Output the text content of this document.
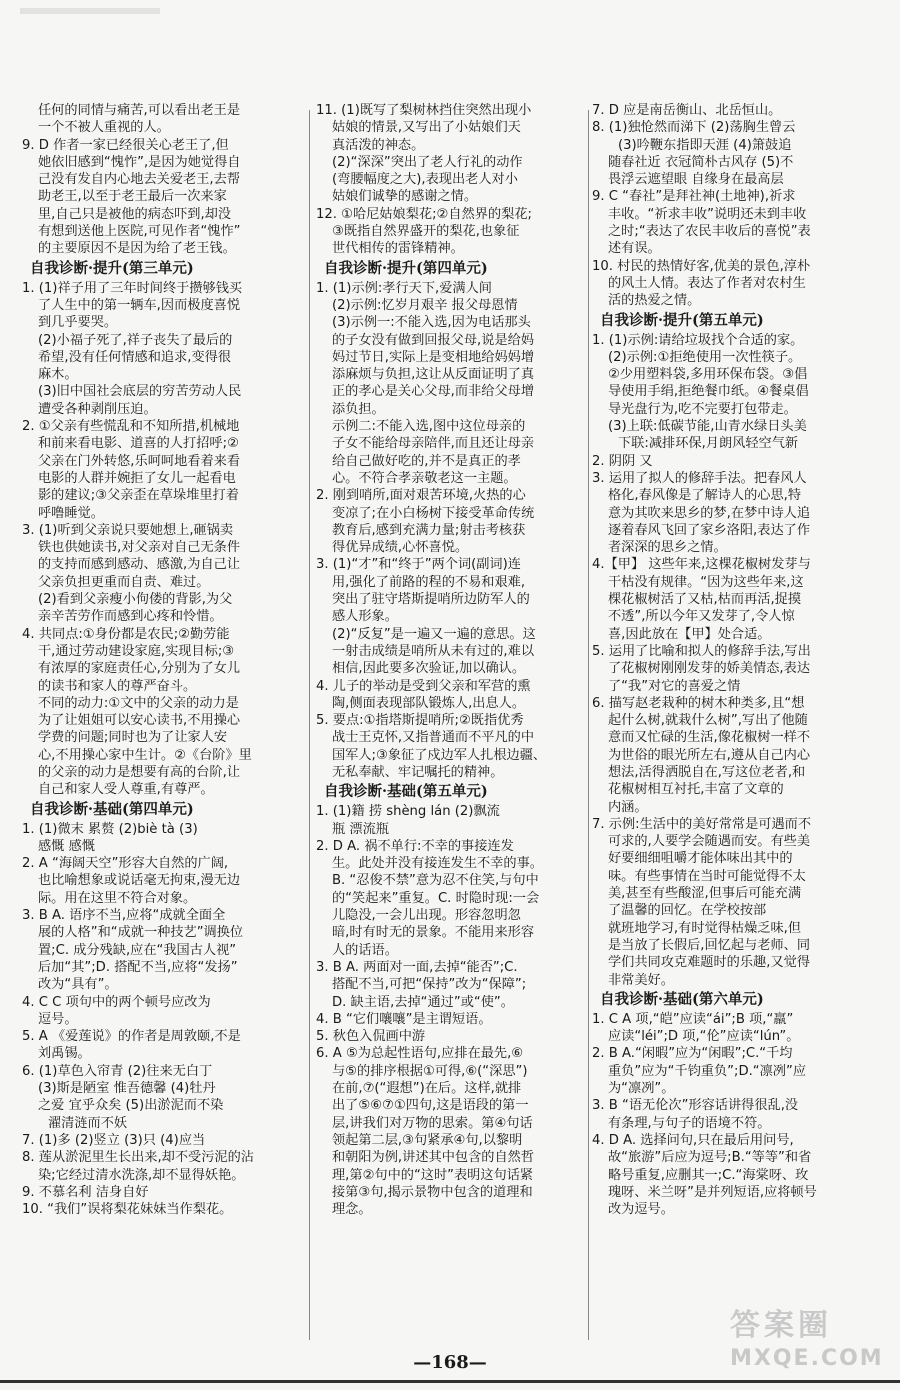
任何的同情与痛苦,可以看出老王是
一个不被人重视的人。
9. D 作者一家已经很关心老王了,但
她依旧感到“愧怍”,是因为她觉得自
己没有发自内心地去关爱老王,去帮
助老王,以至于老王最后一次来家
里,自己只是被他的病态吓到,却没
有想到送他上医院,可见作者“愧怍”
的主要原因不是因为给了老王钱。
自我诊断·提升(第三单元)
1. (1)祥子用了三年时间终于攒够钱买
了人生中的第一辆车,因而极度喜悦
到几乎要哭。
(2)小福子死了,祥子丧失了最后的
希望,没有任何情感和追求,变得很
麻木。
(3)旧中国社会底层的穷苦劳动人民
遭受各种剥削压迫。
2. ①父亲有些慌乱和不知所措,机械地
和前来看电影、道喜的人打招呼;②
父亲在门外转悠,乐呵呵地看着来看
电影的人群并婉拒了女儿一起看电
影的建议;③父亲歪在草垛堆里打着
呼噜睡觉。
3. (1)听到父亲说只要她想上,砸锅卖
铁也供她读书,对父亲对自己无条件
的支持而感到感动、感激,为自己让
父亲负担更重而自责、难过。
(2)看到父亲瘦小佝偻的背影,为父
亲辛苦劳作而感到心疼和怜惜。
4. 共同点:①身份都是农民;②勤劳能
干,通过劳动建设家庭,实现目标;③
有浓厚的家庭责任心,分别为了女儿
的读书和家人的尊严奋斗。
不同的动力:①文中的父亲的动力是
为了让姐姐可以安心读书,不用操心
学费的问题;同时也为了让家人安
心,不用操心家中生计。②《台阶》里
的父亲的动力是想要有高的台阶,让
自己和家人受人尊重,有尊严。
自我诊断·基础(第四单元)
1. (1)微末 累赘 (2)biè tà (3)
感慨 感慨
2. A “海阔天空”形容大自然的广阔,
也比喻想象或说话毫无拘束,漫无边
际。用在这里不符合对象。
3. B A. 语序不当,应将“成就全面全
展的人格”和“成就一种技艺”调换位
置;C. 成分残缺,应在“我国古人视”
后加“其”;D. 搭配不当,应将“发扬”
改为“具有”。
4. C C 项句中的两个顿号应改为
逗号。
5. A 《爱莲说》的作者是周敦颐,不是
刘禹锡。
6. (1)草色入帘青 (2)往来无白丁
(3)斯是陋室 惟吾德馨 (4)牡丹
之爱 宜乎众矣 (5)出淤泥而不染
濯清涟而不妖
7. (1)多 (2)竖立 (3)只 (4)应当
8. 莲从淤泥里生长出来,却不受污泥的沾
染;它经过清水洗涤,却不显得妖艳。
9. 不慕名利 洁身自好
10. “我们”误将梨花妹妹当作梨花。
11. (1)既写了梨树林挡住突然出现小
姑娘的情景,又写出了小姑娘们天
真活泼的神态。
(2)“深深”突出了老人行礼的动作
(弯腰幅度之大),表现出老人对小
姑娘们诚挚的感谢之情。
12. ①哈尼姑娘梨花;②自然界的梨花;
③既指自然界盛开的梨花,也象征
世代相传的雷锋精神。
自我诊断·提升(第四单元)
1. (1)示例:孝行天下,爱满人间
(2)示例:忆岁月艰辛 报父母恩情
(3)示例一:不能入选,因为电话那头
的子女没有做到回报父母,说是给妈
妈过节日,实际上是变相地给妈妈增
添麻烦与负担,这让从反面证明了真
正的孝心是关心父母,而非给父母增
添负担。
示例二:不能入选,图中这位母亲的
子女不能给母亲陪伴,而且还让母亲
给自己做好吃的,并不是真正的孝
心。不符合孝亲敬老这一主题。
2. 刚到哨所,面对艰苦环境,火热的心
变凉了;在小白杨树下接受革命传统
教育后,感到充满力量;射击考核获
得优异成绩,心怀喜悦。
3. (1)“才”和“终于”两个词(副词)连
用,强化了前路的程的不易和艰难,
突出了驻守塔斯提哨所边防军人的
感人形象。
(2)“反复”是一遍又一遍的意思。这
一射击成绩是哨所从未有过的,难以
相信,因此要多次验证,加以确认。
4. 儿子的举动是受到父亲和军营的熏
陶,侧面表现部队锻炼人,出息人。
5. 要点:①指塔斯提哨所;②既指优秀
战士王克怀,又指普通而不平凡的中
国军人;③象征了戍边军人扎根边疆、
无私奉献、牢记嘱托的精神。
自我诊断·基础(第五单元)
1. (1)籍 捞 shèng lán (2)飘流
瓶 漂流瓶
2. D A. 祸不单行:不幸的事接连发
生。此处并没有接连发生不幸的事。
B. “忍俊不禁”意为忍不住笑,与句中
的“笑起来”重复。C. 时隐时现:一会
儿隐没,一会儿出现。形容忽明忽
暗,时有时无的景象。不能用来形容
人的话语。
3. B A. 两面对一面,去掉“能否”;C.
搭配不当,可把“保持”改为“保障”;
D. 缺主语,去掉“通过”或“使”。
4. B “它们嚷嚷”是主谓短语。
5. 秋色入侃画中游
6. A ⑤为总起性语句,应排在最先,⑥
与⑤的排序根据①可得,⑥(“深思”)
在前,⑦(“遐想”)在后。这样,就排
出了⑤⑥⑦①四句,这是语段的第一
层,讲我们对万物的思索。第④句话
领起第二层,③句紧承④句,以黎明
和朝阳为例,讲述其中包含的自然哲
理,第②句中的“这时”表明这句话紧
接第③句,揭示景物中包含的道理和
理念。
7. D 应是南岳衡山、北岳恒山。
8. (1)独怆然而涕下 (2)荡胸生曾云
(3)吟鞭东指即天涯 (4)箫鼓追
随春社近 衣冠简朴古风存 (5)不
畏浮云遮望眼 自缘身在最高层
9. C “春社”是拜社神(土地神),祈求
丰收。“祈求丰收”说明还未到丰收
之时;“表达了农民丰收后的喜悦”表
述有误。
10. 村民的热情好客,优美的景色,淳朴
的风土人情。表达了作者对农村生
活的热爱之情。
自我诊断·提升(第五单元)
1. (1)示例:请给垃圾找个合适的家。
(2)示例:①拒绝使用一次性筷子。
②少用塑料袋,多用环保布袋。③倡
导使用手绢,拒绝餐巾纸。④餐桌倡
导光盘行为,吃不完要打包带走。
(3)上联:低碳节能,山青水绿日头美
下联:减排环保,月朗风轻空气新
2. 阴阴 又
3. 运用了拟人的修辞手法。把春风人
格化,春风像是了解诗人的心思,特
意为其吹来思乡的梦,在梦中诗人追
逐着春风飞回了家乡洛阳,表达了作
者深深的思乡之情。
4.【甲】 这些年来,这棵花椒树发芽与
干枯没有规律。“因为这些年来,这
棵花椒树活了又枯,枯而再活,捉摸
不透”,所以今年又发芽了,令人惊
喜,因此放在【甲】处合适。
5. 运用了比喻和拟人的修辞手法,写出
了花椒树刚刚发芽的娇美情态,表达
了“我”对它的喜爱之情
6. 描写赵老栽种的树木种类多,且“想
起什么树,就栽什么树”,写出了他随
意而又忙碌的生活,像花椒树一样不
为世俗的眼光所左右,遵从自己内心
想法,活得洒脱自在,写这位老者,和
花椒树相互衬托,丰富了文章的
内涵。
7. 示例:生活中的美好常常是可遇而不
可求的,人要学会随遇而安。有些美
好要细细咀嚼才能体味出其中的
味。有些事情在当时可能觉得不太
美,甚至有些酸涩,但事后可能充满
了温馨的回忆。在学校按部
就班地学习,有时觉得枯燥乏味,但
是当放了长假后,回忆起与老师、同
学们共同攻克难题时的乐趣,又觉得
非常美好。
自我诊断·基础(第六单元)
1. C A 项,“皑”应读“ái”;B 项,“羸”
应读“léi”;D 项,“伦”应读“lún”。
2. B A.“闲暇”应为“闲暇”;C.“千均
重负”应为“千钧重负”;D.“凛冽”应
为“凛冽”。
3. B “语无伦次”形容话讲得很乱,没
有条理,与句子的语境不符。
4. D A. 选择问句,只在最后用问号,
故“旅游”后应为逗号;B.“等等”和省
略号重复,应删其一;C.“海棠呀、玫
瑰呀、米兰呀”是并列短语,应将顿号
改为逗号。
—168—
答案圈
MXQE.COM
